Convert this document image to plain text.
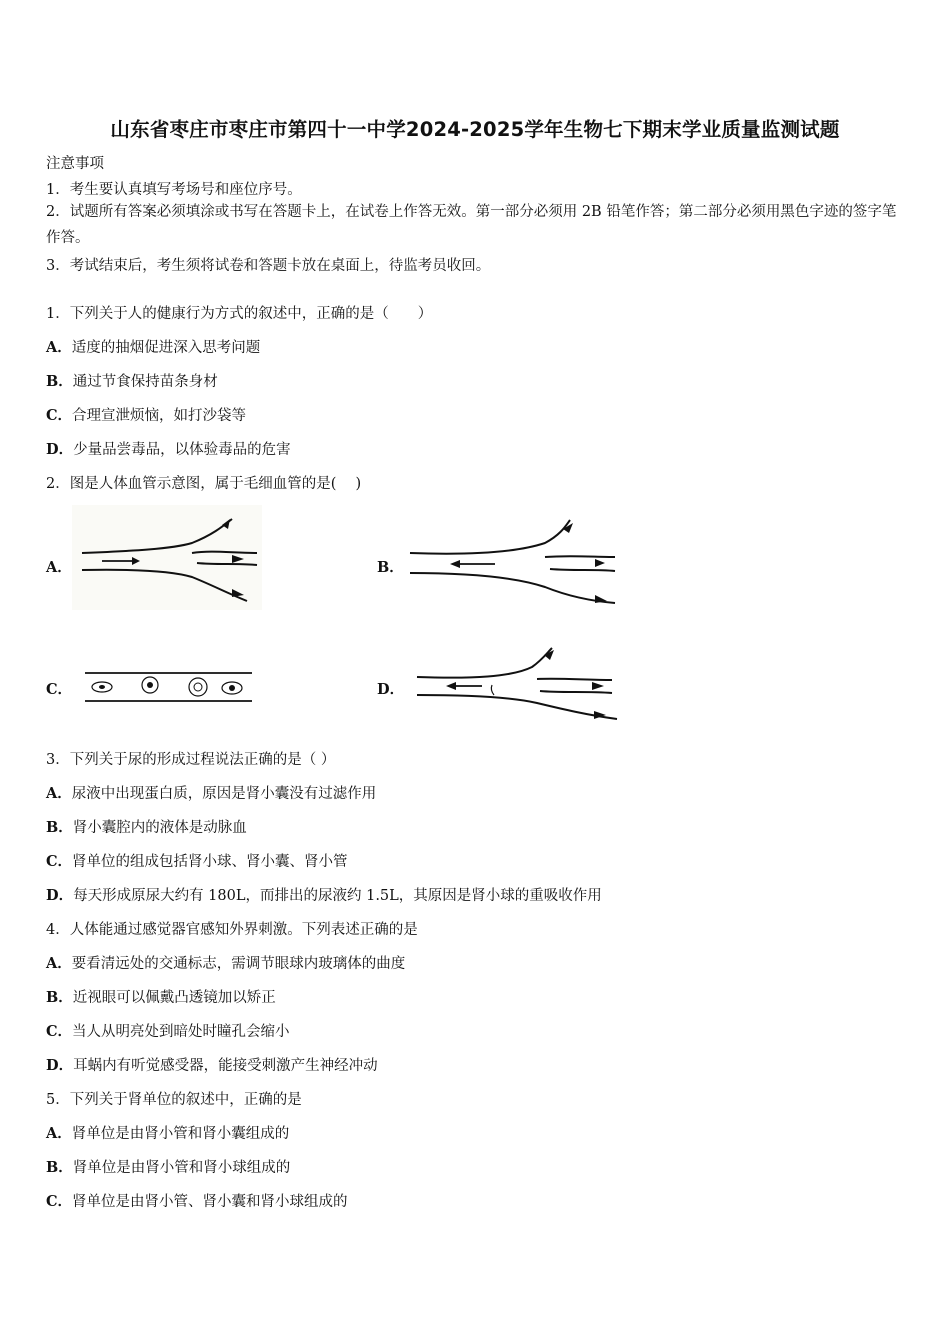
山东省枣庄市枣庄市第四十一中学2024-2025学年生物七下期末学业质量监测试题
注意事项
1．考生要认真填写考场号和座位序号。
2．试题所有答案必须填涂或书写在答题卡上，在试卷上作答无效。第一部分必须用 2B 铅笔作答；第二部分必须用黑色字迹的签字笔作答。
3．考试结束后，考生须将试卷和答题卡放在桌面上，待监考员收回。
1．下列关于人的健康行为方式的叙述中，正确的是（　　）
A．适度的抽烟促进深入思考问题
B．通过节食保持苗条身材
C．合理宣泄烦恼，如打沙袋等
D．少量品尝毒品，以体验毒品的危害
2．图是人体血管示意图，属于毛细血管的是(　 )
A．	B．
C．	D．
3．下列关于尿的形成过程说法正确的是（ ）
A．尿液中出现蛋白质，原因是肾小囊没有过滤作用
B．肾小囊腔内的液体是动脉血
C．肾单位的组成包括肾小球、肾小囊、肾小管
D．每天形成原尿大约有 180L，而排出的尿液约 1.5L，其原因是肾小球的重吸收作用
4．人体能通过感觉器官感知外界刺激。下列表述正确的是
A．要看清远处的交通标志，需调节眼球内玻璃体的曲度
B．近视眼可以佩戴凸透镜加以矫正
C．当人从明亮处到暗处时瞳孔会缩小
D．耳蜗内有听觉感受器，能接受刺激产生神经冲动
5．下列关于肾单位的叙述中，正确的是
A．肾单位是由肾小管和肾小囊组成的
B．肾单位是由肾小管和肾小球组成的
C．肾单位是由肾小管、肾小囊和肾小球组成的
